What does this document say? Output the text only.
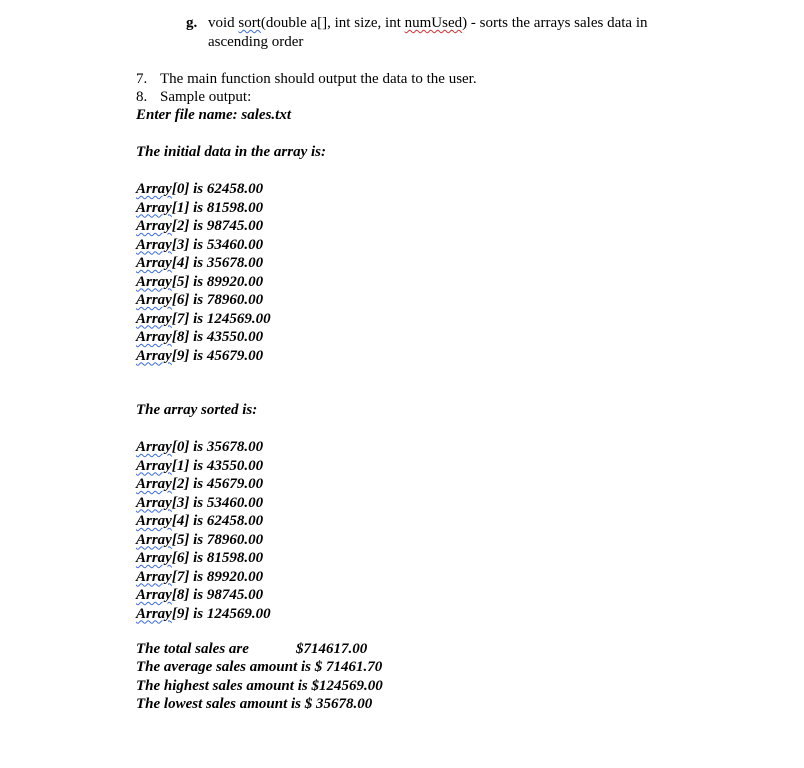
g. void sort(double a[], int size, int numUsed) - sorts the arrays sales data in
ascending order
7. The main function should output the data to the user.
8. Sample output:
Enter file name: sales.txt
The initial data in the array is:
Array[0] is 62458.00
Array[1] is 81598.00
Array[2] is 98745.00
Array[3] is 53460.00
Array[4] is 35678.00
Array[5] is 89920.00
Array[6] is 78960.00
Array[7] is 124569.00
Array[8] is 43550.00
Array[9] is 45679.00
The array sorted is:
Array[0] is 35678.00
Array[1] is 43550.00
Array[2] is 45679.00
Array[3] is 53460.00
Array[4] is 62458.00
Array[5] is 78960.00
Array[6] is 81598.00
Array[7] is 89920.00
Array[8] is 98745.00
Array[9] is 124569.00
The total sales are	$714617.00
The average sales amount is $ 71461.70
The highest sales amount is $124569.00
The lowest sales amount is $ 35678.00
